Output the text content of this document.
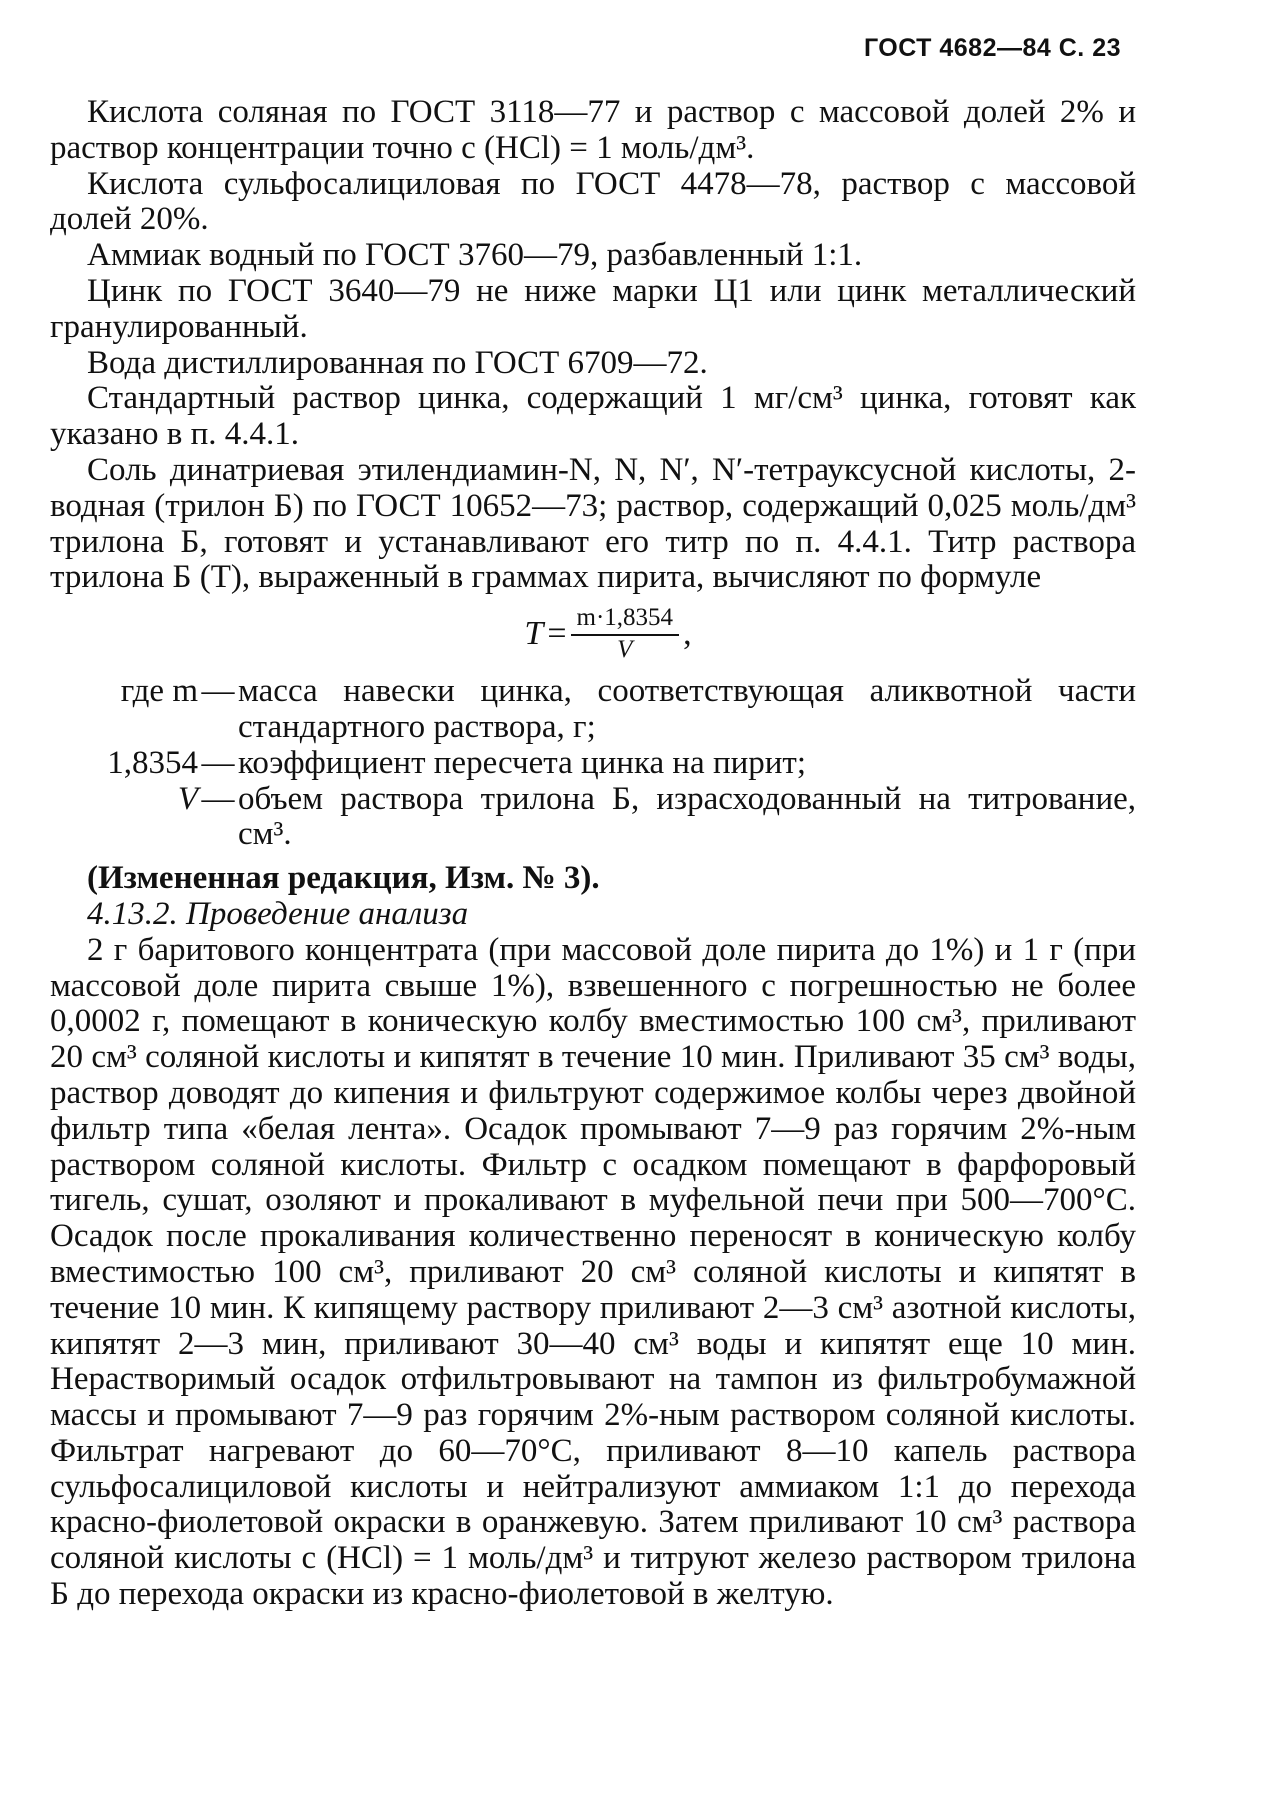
ГОСТ 4682—84 С. 23

Кислота соляная по ГОСТ 3118—77 и раствор с массовой долей 2% и раствор концентрации точно c (HCl) = 1 моль/дм³.

Кислота сульфосалициловая по ГОСТ 4478—78, раствор с массовой долей 20%.

Аммиак водный по ГОСТ 3760—79, разбавленный 1:1.

Цинк по ГОСТ 3640—79 не ниже марки Ц1 или цинк металлический гранулированный.

Вода дистиллированная по ГОСТ 6709—72.

Стандартный раствор цинка, содержащий 1 мг/см³ цинка, готовят как указано в п. 4.4.1.

Соль динатриевая этилендиамин-N, N, N′, N′-тетрауксусной кислоты, 2-водная (трилон Б) по ГОСТ 10652—73; раствор, содержащий 0,025 моль/дм³ трилона Б, готовят и устанавливают его титр по п. 4.4.1. Титр раствора трилона Б (T), выраженный в граммах пирита, вычисляют по формуле

$T = \frac{m\cdot 1,8354}{V}$ ,
где m — масса навески цинка, соответствующая аликвотной части стандартного раствора, г;
1,8354 — коэффициент пересчета цинка на пирит;
V — объем раствора трилона Б, израсходованный на титрование, см³.

(Измененная редакция, Изм. № 3).

4.13.2. Проведение анализа

2 г баритового концентрата (при массовой доле пирита до 1%) и 1 г (при массовой доле пирита свыше 1%), взвешенного с погрешностью не более 0,0002 г, помещают в коническую колбу вместимостью 100 см³, приливают 20 см³ соляной кислоты и кипятят в течение 10 мин. Приливают 35 см³ воды, раствор доводят до кипения и фильтруют содержимое колбы через двойной фильтр типа «белая лента». Осадок промывают 7—9 раз горячим 2%-ным раствором соляной кислоты. Фильтр с осадком помещают в фарфоровый тигель, сушат, озоляют и прокаливают в муфельной печи при 500—700°С. Осадок после прокаливания количественно переносят в коническую колбу вместимостью 100 см³, приливают 20 см³ соляной кислоты и кипятят в течение 10 мин. К кипящему раствору приливают 2—3 см³ азотной кислоты, кипятят 2—3 мин, приливают 30—40 см³ воды и кипятят еще 10 мин. Нерастворимый осадок отфильтровывают на тампон из фильтробумажной массы и промывают 7—9 раз горячим 2%-ным раствором соляной кислоты. Фильтрат нагревают до 60—70°С, приливают 8—10 капель раствора сульфосалициловой кислоты и нейтрализуют аммиаком 1:1 до перехода красно-фиолетовой окраски в оранжевую. Затем приливают 10 см³ раствора соляной кислоты c (HCl) = 1 моль/дм³ и титруют железо раствором трилона Б до перехода окраски из красно-фиолетовой в желтую.
